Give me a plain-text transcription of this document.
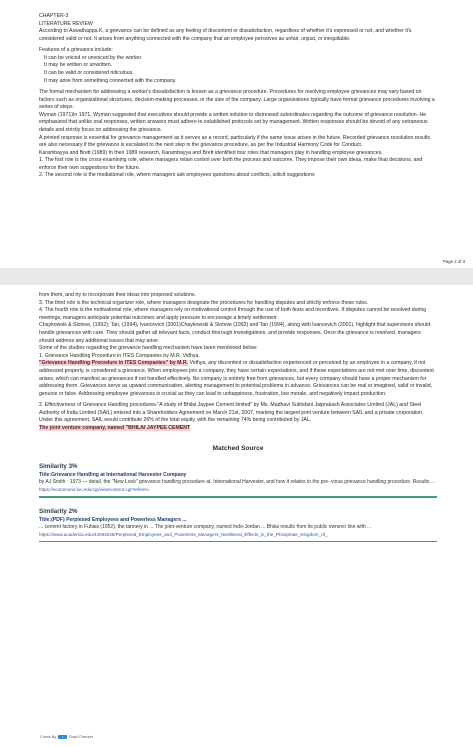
CHAPTER-3

LITERATURE REVIEW

According to Aswathappa.K, a grievance can be defined as any feeling of discontent or dissatisfaction, regardless of whether it's expressed or not, and whether it's considered valid or not. It arises from anything connected with the company that an employee perceives as unfair, unjust, or inequitable.

Features of a grievance include:

It can be voiced or unvoiced by the worker.

It may be written or unwritten.

It can be valid or considered ridiculous.

It may arise from something connected with the company.

The formal mechanism for addressing a worker's dissatisfaction is known as a grievance procedure. Procedures for resolving employee grievances may vary based on factors such as organizational structures, decision-making processes, or the size of the company. Large organizations typically have formal grievance procedures involving a series of steps.

Wyman (1971)In 1971, Wyman suggested that executives should provide a written solution to distressed subordinates regarding the outcome of grievance resolution. He emphasized that unlike oral responses, written answers must adhere to established protocols set by management. Written responses should be devoid of any extraneous details and strictly focus on addressing the grievance.

A printed response is essential for grievance management as it serves as a record, particularly if the same issue arises in the future. Recorded grievance resolution results are also necessary if the grievance is escalated to the next step in the grievance procedure, as per the Industrial Harmony Code for Conduct.

Karambayya and Brett (1989) In their 1989 research, Karambayya and Brett identified four roles that managers play in handling employee grievances.

1. The first role is the cross-examining role, where managers retain control over both the process and outcome. They impose their own ideas, make final decisions, and enforce their own suggestions for the future.

2. The second role is the mediational role, where managers ask employees questions about conflicts, solicit suggestions

Page 2 of 3

from them, and try to incorporate their ideas into proposed solutions.

3. The third role is the technical organizer role, where managers designate the procedures for handling disputes and strictly enforce those rules.

4. The fourth role is the motivational role, where managers rely on motivational control through the use of both fears and incentives. If disputes cannot be resolved during meetings, managers anticipate potential outcomes and apply pressure to encourage a timely settlement

Chaykowski & Slotsve, (1992); Tan, (1994), Ivancevich (2001)Chaykowski & Slotsve (1992) and Tan (1994), along with Ivancevich (2001), highlight that supervisors should handle grievances with care. They should gather all relevant facts, conduct thorough investigations, and provide responses. Once the grievance is resolved, managers should address any additional issues that may arise

Some of the studies regarding the grievance handling mechanism have been mentioned below:

1. Grievance Handling Procedure in ITES Companies by M.R. Vidhya.

"Grievance Handling Procedure in ITES Companies" by M.R. Vidhya, any discontent or dissatisfaction experienced or perceived by an employee in a company, if not addressed properly, is considered a grievance. When employees join a company, they have certain expectations, and if these expectations are not met over time, discontent arises, which can manifest as grievances if not handled effectively. No company is entirely free from grievances, but every company should have a proper mechanism for addressing them. Grievances serve as upward communication, alerting management to potential problems in advance. Grievances can be real or imagined, valid or invalid, genuine or false. Addressing employee grievances is crucial as they can lead to unhappiness, frustration, low morale, and negatively impact production.

2. Effectiveness of Grievance Handling procedures-"A study of Bhilai Jaypee Cement limited" by Ms. Madhavi Sukhdani Jaiprakash Associates Limited (JAL) and Steel Authority of India Limited (SAIL) entered into a Shareholders Agreement on March 21st, 2007, marking the largest joint venture between SAIL and a private corporation. Under this agreement, SAIL would contribute 26% of the total equity, with the remaining 74% being contributed by JAL.

The joint venture company, named "BHILAI JAYPEE CEMENT

Matched Source
Similarity 3%
Title:Grievance Handling at International Harvester Company
by AJ Smith · 1973 — detail, the "New Look" grievance handling procedure at. International Harvester, and how it relates to the pre- vious grievance handling procedure. Results ...
https://ecommons.luc.edu/cgi/viewcontent.cgi?referer=
Similarity 2%
Title:(PDF) Perplexed Employees and Powerless Managers ...
... cement factory in Fuhais (1952), the tannery in ... The joint-venture company, named Indo-Jordan ... Bhilai results from its public owners! line with ...
https://www.academia.edu/44084548/Perplexed_Employees_and_Powerless_Managers_Neoliberal_Effects_in_the_Phosphate_Kingdom_of_
Check By	✓	Dupli Checker
